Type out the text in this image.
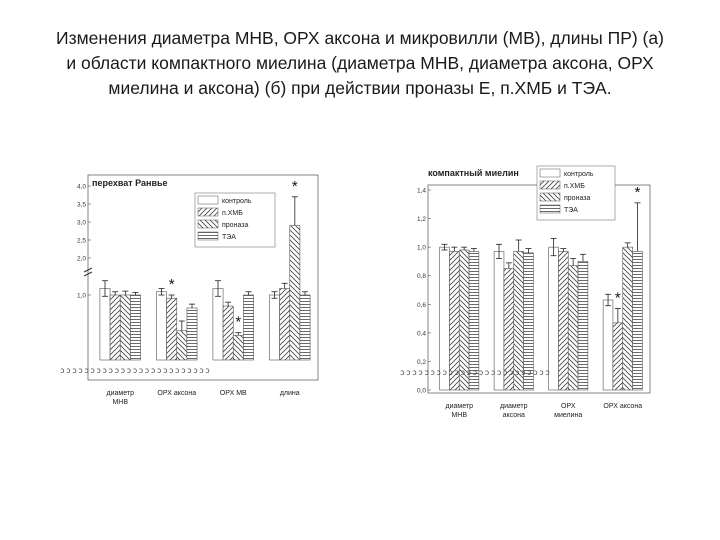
Изменения диаметра МНВ, ОРХ аксона и микровилли (МВ), длины ПР) (а)
и области компактного миелина (диаметра МНВ, диаметра аксона, ОРХ
миелина и аксона) (б) при действии проназы Е, п.ХМБ и ТЭА.
перехват Ранвье
1,0
2,0
2,5
3,0
3,5
4,0
*
*
*
диаметр
МНВ
ОРХ аксона	ОРХ МВ	длина
контроль
п.ХМБ
проназа
ТЭА
ɔɔɔɔɔɔɔɔɔɔɔɔɔɔɔɔɔɔɔɔɔɔɔɔɔ
компактный миелин
0,0
0,2
0,4
0,6
0,8
1,0
1,2
1,4
*
*
диаметр
МНВ
диаметр
аксона
ОРХ
миелина
ОРХ аксона
контроль
п.ХМБ
проназа
ТЭА
ɔɔɔɔɔɔɔɔɔɔɔɔɔɔɔɔɔɔɔɔɔɔɔɔɔ
